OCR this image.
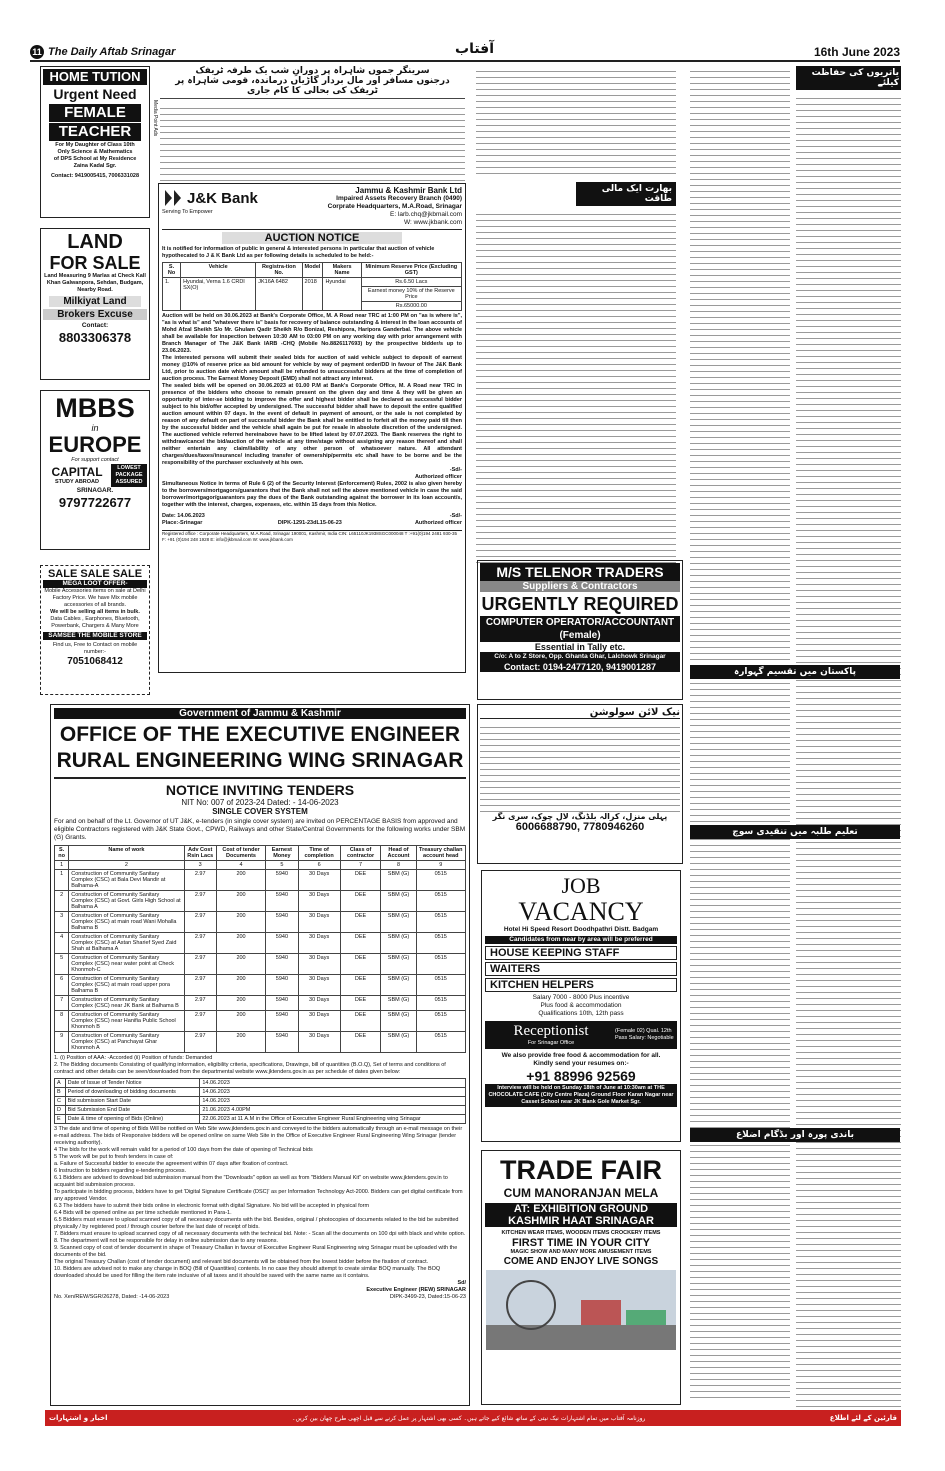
11 The Daily Aftab Srinagar	آفتاب	16th June 2023
HOME TUTION
Urgent Need
FEMALE
TEACHER
For My Daughter of Class 10th
Only Science & Mathematics
of DPS School at My Residence
Zaina Kadal Sgr.
Contact: 9419005415, 7006331028
LAND
FOR SALE
Land Measuring 9 Marlas at Check Kall Khan Galwanpora, Sehdan, Budgam, Nearby Road.
Milkiyat Land
Brokers Excuse
Contact:
8803306378
MBBS
in
EUROPE
For support contact
CAPITAL
STUDY ABROAD
LOWEST PACKAGE ASSURED
SRINAGAR.
9797722677
SALE SALE SALE
MEGA LOOT OFFER-
Mobile Accessories items on sale at Delhi Factory Price. We have Mix mobile accessories of all brands.
We will be selling all items in bulk.
Data Cables , Earphones, Bluetooth, Powerbank, Chargers & Many More
SAMSEE THE MOBILE STORE
Find us, Free to Contact on mobile number:-
7051068412
Media Point Ads
سرینگر جموں شاہراہ پر دورانِ شب یک طرفہ ٹریفک
درجنوں مسافر اور مال بردار گاڑیاں درماندہ، قومی شاہراہ پر ٹریفک کی بحالی کا کام جاری
J&K Bank
Serving To Empower
Jammu & Kashmir Bank Ltd
Impaired Assets Recovery Branch (0490)
Corprate Headquarters, M.A.Road, Srinagar
E: larb.chq@jkbmail.com
W: www.jkbank.com
AUCTION NOTICE
It is notified for information of public in general & interested persons in particular that auction of vehicle hypothecated to J & K Bank Ltd as per following details is scheduled to be held:-
S. No	Vehicle	Registra-tion No.	Model	Makers Name	Minimum Reserve Price (Excluding GST)
1.	Hyundai, Verna 1.6 CRDI SX(O)	JK16A 6482	2018	Hyundai	Rs.6.50 Lacs
					Earnest money 10% of the Reserve Price
					Rs.65000.00
Auction will be held on 30.06.2023 at Bank's Corporate Office, M. A Road near TRC at 1:00 PM on "as is where is", "as is what is" and "whatever there is" basis for recovery of balance outstanding & interest in the loan accounts of Mohd Afzal Sheikh S/o Mr. Ghulam Qadir Sheikh R/o Bonizal, Reshipora, Haripora Ganderbal. The above vehicle shall be available for inspection between 10:30 AM to 03:00 PM on any working day with prior arrangement with Branch Manager of The J&K Bank IARB -CHQ (Mobile No.8826117693) by the prospective bidder/s up to 23.06.2023.
The interested persons will submit their sealed bids for auction of said vehicle subject to deposit of earnest money @10% of reserve price as bid amount for vehicle by way of payment order/DD in favour of The J&K Bank Ltd, prior to auction date which amount shall be refunded to unsuccessful bidders at the time of completion of auction process. The Earnest Money Deposit (EMD) shall not attract any interest.
The sealed bids will be opened on 30.06.2023 at 01.00 P.M at Bank's Corporate Office, M. A Road near TRC in presence of the bidders who choose to remain present on the given day and time & they will be given an opportunity of inter-se bidding to improve the offer and highest bidder shall be declared as successful bidder subject to his bid/offer accepted by undersigned. The successful bidder shall have to deposit the entire qualified auction amount within 07 days. In the event of default in payment of amount, or the sale is not completed by reason of any default on part of successful bidder the Bank shall be entitled to forfeit all the money paid till then by the successful bidder and the vehicle shall again be put for resale in absolute discretion of the undersigned. The auctioned vehicle referred hereinabove have to be lifted latest by 07.07.2023. The Bank reserves the right to withdraw/cancel the bid/auction of the vehicle at any time/stage without assigning any reason thereof and shall neither entertain any claim/liability of any other person of whatsoever nature. All attendant charges/dues/taxes/insurance/ including transfer of ownership/permits etc shall have to be borne and be the responsibility of the purchaser exclusively at his own.
-Sd/-
Authorized officer
Simultaneous Notice in terms of Rule 6 (2) of the Security Interest (Enforcement) Rules, 2002 is also given hereby to the borrowers/mortgagors/guarantors that the Bank shall not sell the above mentioned vehicle in case the said borrower/mortgagor/guarantors pay the dues of the Bank outstanding against the borrower in its loan account/s, together with the interest, charges, expenses, etc. within 15 days from this Notice.
Date: 14.06.2023
Place:-Srinagar	DIPK-1291-23dL15-06-23
-Sd/-
Authorized officer
Registered office : Corporate Headquarters, M.A.Road, Srinagar 190001, Kashmir, India CIN: L65110JK1938SGC000048 T :+91(0)194 2481 930-35 F: +91 (0)194 248 1928 E: info@jkbmail.com W: www.jkbank.com
Government of Jammu & Kashmir
OFFICE OF THE EXECUTIVE ENGINEER
RURAL ENGINEERING WING SRINAGAR
NOTICE INVITING TENDERS
NIT No: 007 of 2023-24 Dated: - 14-06-2023
SINGLE COVER SYSTEM
For and on behalf of the Lt. Governor of UT J&K, e-tenders (in single cover system) are invited on PERCENTAGE BASIS from approved and eligible Contractors registered with J&K State Govt., CPWD, Railways and other State/Central Governments for the following works under SBM (G) Grants.
S. no	Name of work	Adv Cost Rsin Lacs	Cost of tender Documents	Earnest Money	Time of completion	Class of contractor	Head of Account	Treasury challan account head
1	2	3	4	5	6	7	8	9
1	Construction of Community Sanitary Complex (CSC) at Bala Devi Mandir at Balhama-A	2.97	200	5940	30 Days	DEE	SBM (G)	0515
2	Construction of Community Sanitary Complex (CSC) at Govt. Girls High School at Balhama A	2.97	200	5940	30 Days	DEE	SBM (G)	0515
3	Construction of Community Sanitary Complex (CSC) at main road Wani Mohalla Balhama B	2.97	200	5940	30 Days	DEE	SBM (G)	0515
4	Construction of Community Sanitary Complex (CSC) at Astan Sharief Syed Zaid Shah at Balhama A	2.97	200	5940	30 Days	DEE	SBM (G)	0515
5	Construction of Community Sanitary Complex (CSC) near water point at Check Khonmoh-C	2.97	200	5940	30 Days	DEE	SBM (G)	0515
6	Construction of Community Sanitary Complex (CSC) at main road upper pora Balhama B	2.97	200	5940	30 Days	DEE	SBM (G)	0515
7	Construction of Community Sanitary Complex (CSC) near JK Bank at Balhama B	2.97	200	5940	30 Days	DEE	SBM (G)	0515
8	Construction of Community Sanitary Complex (CSC) near Hanifia Public School Khonmoh B	2.97	200	5940	30 Days	DEE	SBM (G)	0515
9	Construction of Community Sanitary Complex (CSC) at Panchayat Ghar Khonmoh A	2.97	200	5940	30 Days	DEE	SBM (G)	0515
1. (i) Position of AAA: -Accorded (ii) Position of funds: Demanded
2. The Bidding documents Consisting of qualifying information, eligibility criteria, specifications, Drawings, bill of quantities (B.O.Q), Set of terms and conditions of contract and other details can be seen/downloaded from the departmental website www.jktenders.gov.in as per schedule of dates given below:
A	Date of Issue of Tender Notice	14.06.2023
B	Period of downloading of bidding documents	14.06.2023
C	Bid submission Start Date	14.06.2023
D	Bid Submission End Date	21.06.2023 4.00PM
E	Date & time of opening of Bids (Online)	22.06.2023 at 11 A.M in the Office of Executive Engineer Rural Engineering wing Srinagar
3 The date and time of opening of Bids Will be notified on Web Site www.jktenders.gov.in and conveyed to the bidders automatically through an e-mail message on their e-mail address. The bids of Responsive bidders will be opened online on same Web Site in the Office of Executive Engineer Rural Engineering Wing Srinagar (tender receiving authority).
4 The bids for the work will remain valid for a period of 100 days from the date of opening of Technical bids
5 The work will be put to fresh tenders in case of:
a. Failure of Successful bidder to execute the agreement within 07 days after fixation of contract.
6 Instruction to bidders regarding e-tendering process.
6.1 Bidders are advised to download bid submission manual from the "Downloads" option as well as from "Bidders Manual Kit" on website www.jktenders.gov.in to acquaint bid submission process.
To participate in bidding process, bidders have to get 'Digital Signature Certificate (DSC)' as per Information Technology Act-2000. Bidders can get digital certificate from any approved Vendor.
6.3 The bidders have to submit their bids online in electronic format with digital Signature. No bid will be accepted in physical form
6.4 Bids will be opened online as per time schedule mentioned in Para-1.
6.5 Bidders must ensure to upload scanned copy of all necessary documents with the bid. Besides, original / photocopies of documents related to the bid be submitted physically / by registered post / through courier before the last date of receipt of bids.
7. Bidders must ensure to upload scanned copy of all necessary documents with the technical bid. Note: - Scan all the documents on 100 dpi with black and white option.
8. The department will not be responsible for delay in online submission due to any reasons.
9. Scanned copy of cost of tender document in shape of Treasury Challan in favour of Executive Engineer Rural Engineering wing Srinagar must be uploaded with the documents of the bid.
The original Treasury Challan (cost of tender document) and relevant bid documents will be obtained from the lowest bidder before the fixation of contract.
10. Bidders are advised not to make any change in BOQ (Bill of Quantities) contents. In no case they should attempt to create similar BOQ manually. The BOQ downloaded should be used for filling the item rate inclusive of all taxes and it should be saved with the same name as it contains.
Sd/
Executive Engineer (REW) SRINAGAR
No. Xen/REW/SGR/26278, Dated: -14-06-2023	DIPK-3499-23, Dated:15-06-23
بھارت ایک مالی طاقت
M/S TELENOR TRADERS
Suppliers & Contractors
URGENTLY REQUIRED
COMPUTER OPERATOR/ACCOUNTANT
(Female)
Essential in Tally etc.
C/o: A to Z Store, Opp. Ghanta Ghar, Lalchowk Srinagar
Contact: 0194-2477120, 9419001287
نیک لائن سولوشن
پہلی منزل، کرالہ بلڈنگ، لال چوک، سری نگر
6006688790, 7780946260
JOB
VACANCY
Hotel Hi Speed Resort Doodhpathri Distt. Badgam
Candidates from near by area will be preferred
HOUSE KEEPING STAFF
WAITERS
KITCHEN HELPERS
Salary 7000 - 8000 Plus incentive
Plus food & accommodation
Qualifications 10th, 12th pass
Receptionist
For Srinagar Office
(Female 02) Qual. 12th Pass Salary: Negotiable
We also provide free food & accommodation for all.
Kindly send your resumes on:-
+91 88996 92569
Interview will be held on Sunday 18th of June at 10:30am at THE CHOCOLATE CAFE (City Centre Plaza) Ground Floor Karan Nagar near Casset School near JK Bank Gole Market Sgr.
TRADE FAIR
CUM MANORANJAN MELA
AT: EXHIBITION GROUND
KASHMIR HAAT SRINAGAR
KITCHEN WEAR ITEMS, WOODEN ITEMS CROCKERY ITEMS
FIRST TIME IN YOUR CITY
MAGIC SHOW AND MANY MORE AMUSEMENT ITEMS
COME AND ENJOY LIVE SONGS
یاتریوں کی حفاظت کیلئے
پاکستان میں تقسیم گہوارہ
تعلیم طلبہ میں تنقیدی سوچ
باندی پورہ اور بڈگام اضلاع
اخبار و اشتہارات	روزنامہ آفتاب میں تمام اشتہارات نیک نیتی کے ساتھ شائع کیے جاتے ہیں۔ کسی بھی اشتہار پر عمل کرنے سے قبل اچھی طرح چھان بین کریں۔	قارئین کے لئے اطلاع
